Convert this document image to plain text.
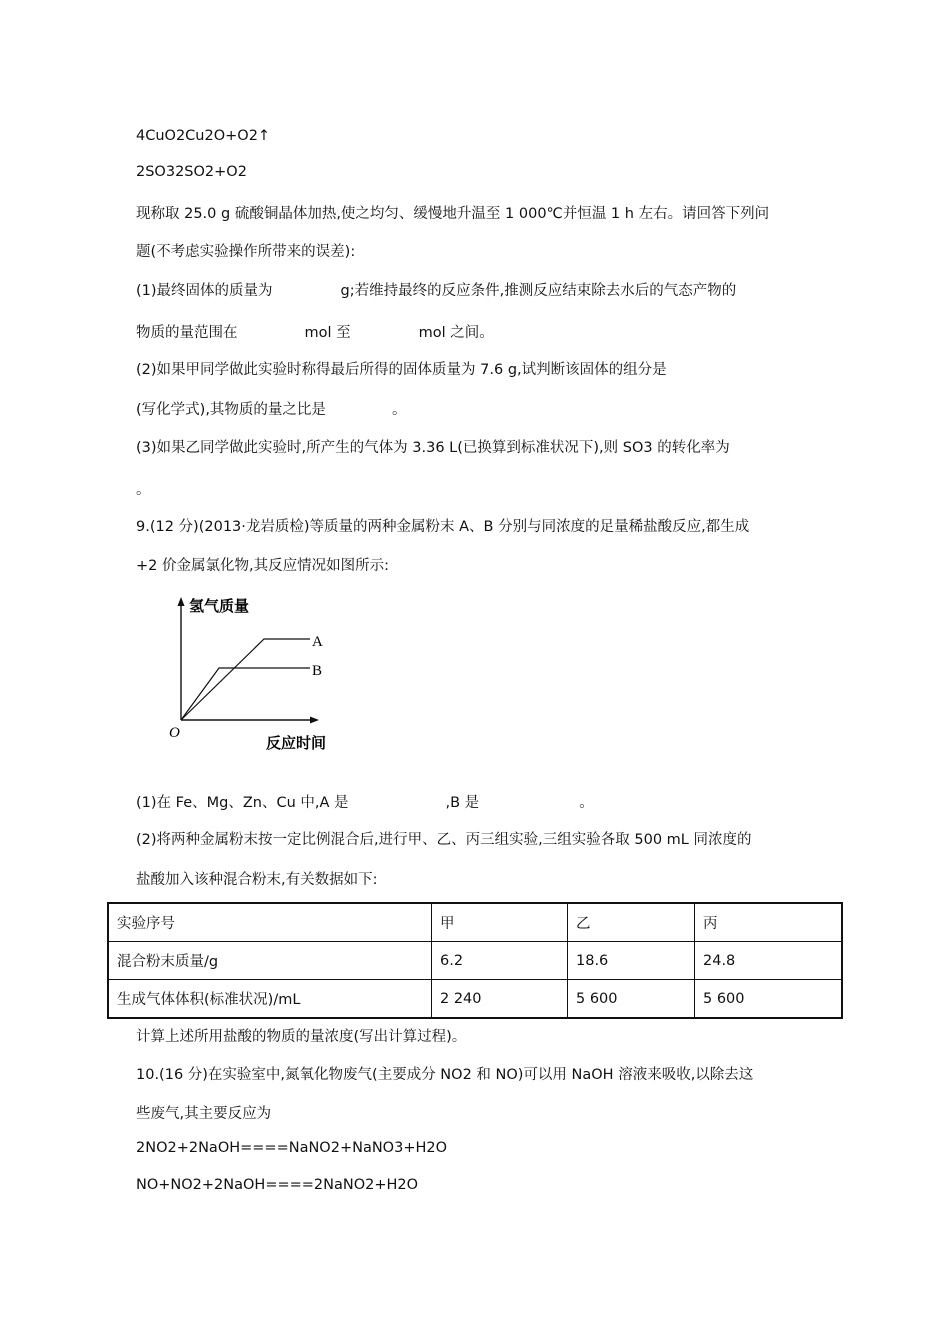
4CuO2Cu2O+O2↑
2SO32SO2+O2
现称取 25.0 g 硫酸铜晶体加热,使之均匀、缓慢地升温至 1 000℃并恒温 1 h 左右。请回答下列问
题(不考虑实验操作所带来的误差):
(1)最终固体的质量为	g;若维持最终的反应条件,推测反应结束除去水后的气态产物的
物质的量范围在	mol 至	mol 之间。
(2)如果甲同学做此实验时称得最后所得的固体质量为 7.6 g,试判断该固体的组分是
(写化学式),其物质的量之比是	。
(3)如果乙同学做此实验时,所产生的气体为 3.36 L(已换算到标准状况下),则 SO3 的转化率为
。
9.(12 分)(2013·龙岩质检)等质量的两种金属粉末 A、B 分别与同浓度的足量稀盐酸反应,都生成
+2 价金属氯化物,其反应情况如图所示:
氢气质量
反应时间
O
A
B
(1)在 Fe、Mg、Zn、Cu 中,A 是	,B 是	。
(2)将两种金属粉末按一定比例混合后,进行甲、乙、丙三组实验,三组实验各取 500 mL 同浓度的
盐酸加入该种混合粉末,有关数据如下:
实验序号	甲	乙	丙
混合粉末质量/g	6.2	18.6	24.8
生成气体体积(标准状况)/mL	2 240	5 600	5 600
计算上述所用盐酸的物质的量浓度(写出计算过程)。
10.(16 分)在实验室中,氮氧化物废气(主要成分 NO2 和 NO)可以用 NaOH 溶液来吸收,以除去这
些废气,其主要反应为
2NO2+2NaOH====NaNO2+NaNO3+H2O
NO+NO2+2NaOH====2NaNO2+H2O
